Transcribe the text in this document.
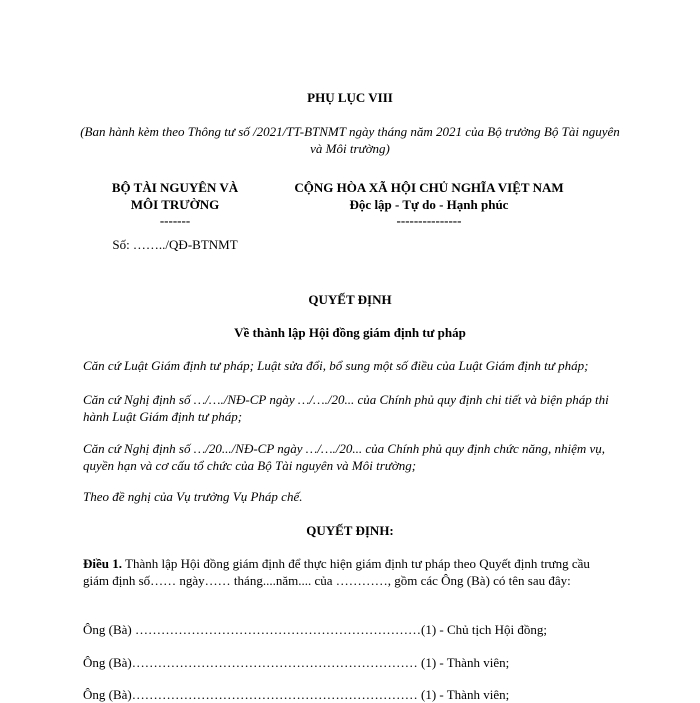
PHỤ LỤC VIII
(Ban hành kèm theo Thông tư số /2021/TT-BTNMT ngày tháng năm 2021 của Bộ trưởng Bộ Tài nguyên và Môi trường)
BỘ TÀI NGUYÊN VÀ
MÔI TRƯỜNG
-------
Số: ……../QĐ-BTNMT
CỘNG HÒA XÃ HỘI CHỦ NGHĨA VIỆT NAM
Độc lập - Tự do - Hạnh phúc
---------------
QUYẾT ĐỊNH
Về thành lập Hội đồng giám định tư pháp
Căn cứ Luật Giám định tư pháp; Luật sửa đổi, bổ sung một số điều của Luật Giám định tư pháp;
Căn cứ Nghị định số …/…./NĐ-CP ngày …/…./20... của Chính phủ quy định chi tiết và biện pháp thi hành Luật Giám định tư pháp;
Căn cứ Nghị định số …/20.../NĐ-CP ngày …/…./20... của Chính phủ quy định chức năng, nhiệm vụ, quyền hạn và cơ cấu tổ chức của Bộ Tài nguyên và Môi trường;
Theo đề nghị của Vụ trưởng Vụ Pháp chế.
QUYẾT ĐỊNH:
Điều 1. Thành lập Hội đồng giám định để thực hiện giám định tư pháp theo Quyết định trưng cầu giám định số…… ngày…… tháng....năm.... của …………, gồm các Ông (Bà) có tên sau đây:
Ông (Bà) …………………………………………………………(1) - Chủ tịch Hội đồng;
Ông (Bà)………………………………………………………… (1) - Thành viên;
Ông (Bà)………………………………………………………… (1) - Thành viên;
